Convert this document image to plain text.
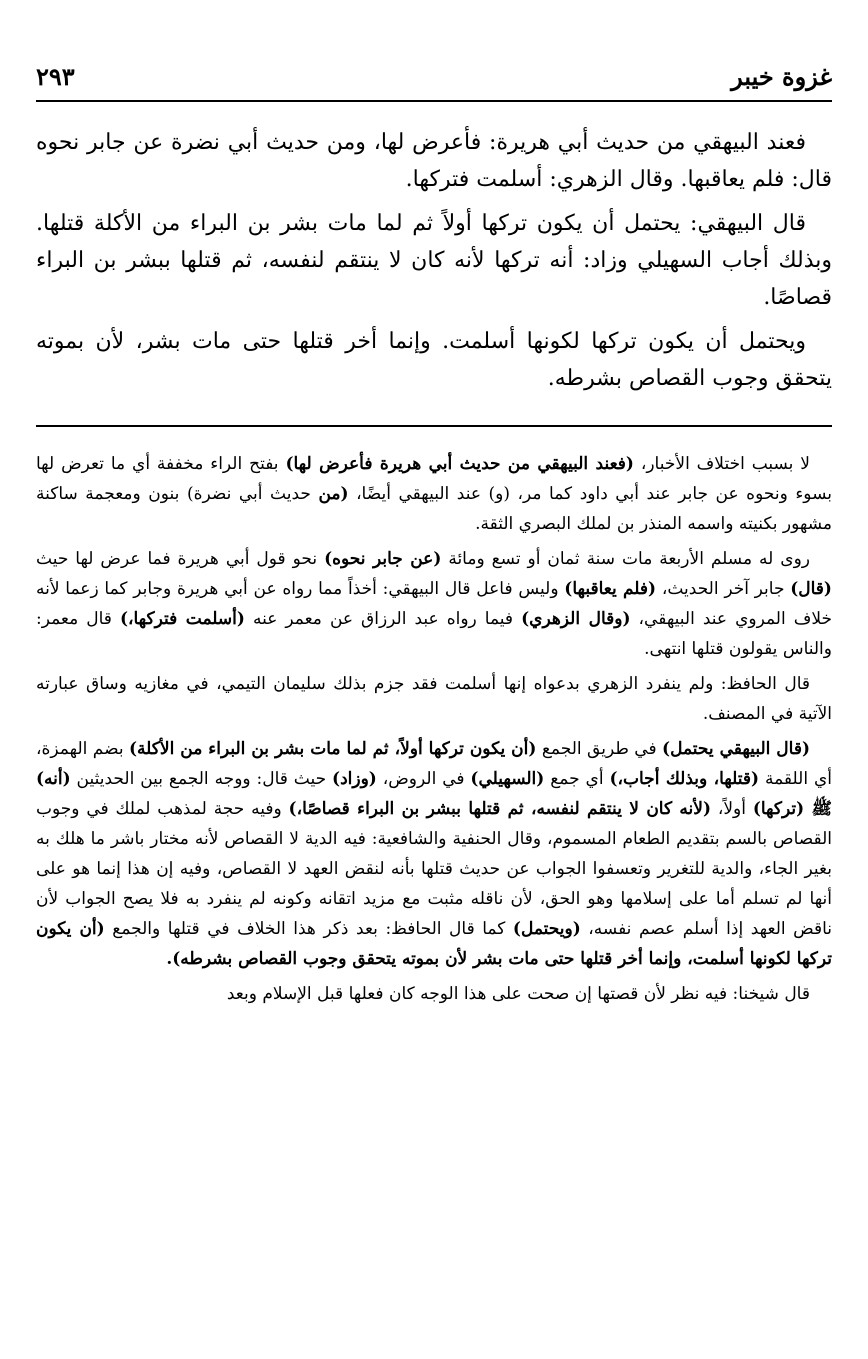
غزوة خيبر
٢٩٣

فعند البيهقي من حديث أبي هريرة: فأعرض لها، ومن حديث أبي نضرة عن جابر نحوه قال: فلم يعاقبها. وقال الزهري: أسلمت فتركها.

قال البيهقي: يحتمل أن يكون تركها أولاً ثم لما مات بشر بن البراء من الأكلة قتلها. وبذلك أجاب السهيلي وزاد: أنه تركها لأنه كان لا ينتقم لنفسه، ثم قتلها ببشر بن البراء قصاصًا.

ويحتمل أن يكون تركها لكونها أسلمت. وإنما أخر قتلها حتى مات بشر، لأن بموته يتحقق وجوب القصاص بشرطه.

لا بسبب اختلاف الأخبار، (فعند البيهقي من حديث أبي هريرة فأعرض لها) بفتح الراء مخففة أي ما تعرض لها بسوء ونحوه عن جابر عند أبي داود كما مر، (و) عند البيهقي أيضًا، (من حديث أبي نضرة) بنون ومعجمة ساكنة مشهور بكنيته واسمه المنذر بن لملك البصري الثقة.

روى له مسلم الأربعة مات سنة ثمان أو تسع ومائة (عن جابر نحوه) نحو قول أبي هريرة فما عرض لها حيث (قال) جابر آخر الحديث، (فلم يعاقبها) وليس فاعل قال البيهقي: أخذاً مما رواه عن أبي هريرة وجابر كما زعما لأنه خلاف المروي عند البيهقي، (وقال الزهري) فيما رواه عبد الرزاق عن معمر عنه (أسلمت فتركها،) قال معمر: والناس يقولون قتلها انتهى.

قال الحافظ: ولم ينفرد الزهري بدعواه إنها أسلمت فقد جزم بذلك سليمان التيمي، في مغازيه وساق عبارته الآتية في المصنف.

(قال البيهقي يحتمل) في طريق الجمع (أن يكون تركها أولاً، ثم لما مات بشر بن البراء من الأكلة) بضم الهمزة، أي اللقمة (قتلها، وبذلك أجاب،) أي جمع (السهيلي) في الروض، (وزاد) حيث قال: ووجه الجمع بين الحديثين (أنه) ﷺ (تركها) أولاً، (لأنه كان لا ينتقم لنفسه، ثم قتلها ببشر بن البراء قصاصًا،) وفيه حجة لمذهب لملك في وجوب القصاص بالسم بتقديم الطعام المسموم، وقال الحنفية والشافعية: فيه الدية لا القصاص لأنه مختار باشر ما هلك به بغير الجاء، والدية للتغرير وتعسفوا الجواب عن حديث قتلها بأنه لنقض العهد لا القصاص، وفيه إن هذا إنما هو على أنها لم تسلم أما على إسلامها وهو الحق، لأن ناقله مثبت مع مزيد اتقانه وكونه لم ينفرد به فلا يصح الجواب لأن ناقض العهد إذا أسلم عصم نفسه، (ويحتمل) كما قال الحافظ: بعد ذكر هذا الخلاف في قتلها والجمع (أن يكون تركها لكونها أسلمت، وإنما أخر قتلها حتى مات بشر لأن بموته يتحقق وجوب القصاص بشرطه).

قال شيخنا: فيه نظر لأن قصتها إن صحت على هذا الوجه كان فعلها قبل الإسلام وبعد
